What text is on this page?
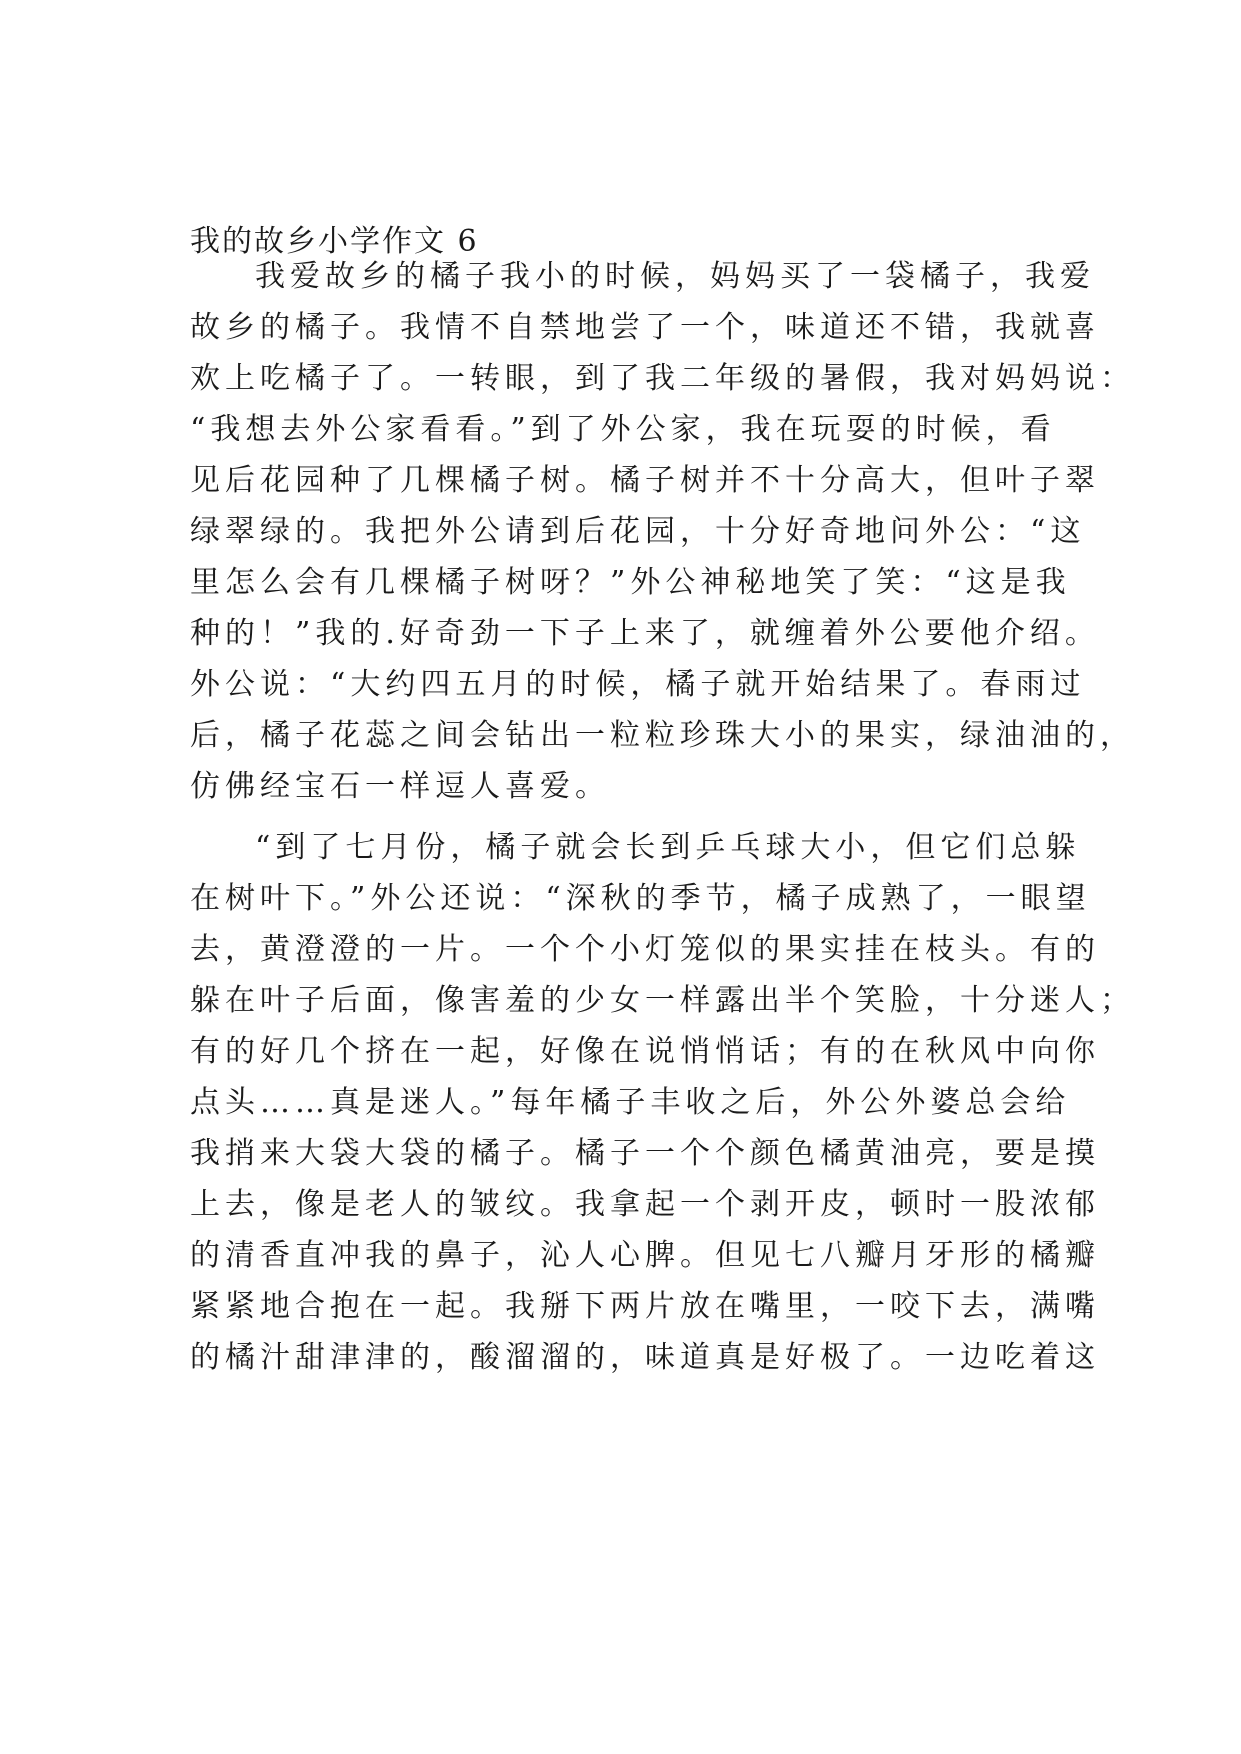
我的故乡小学作文 6
我爱故乡的橘子我小的时候，妈妈买了一袋橘子，我爱
故乡的橘子。我情不自禁地尝了一个，味道还不错，我就喜
欢上吃橘子了。一转眼，到了我二年级的暑假，我对妈妈说：
“我想去外公家看看。”到了外公家，我在玩耍的时候，看
见后花园种了几棵橘子树。橘子树并不十分高大，但叶子翠
绿翠绿的。我把外公请到后花园，十分好奇地问外公：“这
里怎么会有几棵橘子树呀？”外公神秘地笑了笑：“这是我
种的！”我的.好奇劲一下子上来了，就缠着外公要他介绍。
外公说：“大约四五月的时候，橘子就开始结果了。春雨过
后，橘子花蕊之间会钻出一粒粒珍珠大小的果实，绿油油的，
仿佛经宝石一样逗人喜爱。
“到了七月份，橘子就会长到乒乓球大小，但它们总躲
在树叶下。”外公还说：“深秋的季节，橘子成熟了，一眼望
去，黄澄澄的一片。一个个小灯笼似的果实挂在枝头。有的
躲在叶子后面，像害羞的少女一样露出半个笑脸，十分迷人；
有的好几个挤在一起，好像在说悄悄话；有的在秋风中向你
点头……真是迷人。”每年橘子丰收之后，外公外婆总会给
我捎来大袋大袋的橘子。橘子一个个颜色橘黄油亮，要是摸
上去，像是老人的皱纹。我拿起一个剥开皮，顿时一股浓郁
的清香直冲我的鼻子，沁人心脾。但见七八瓣月牙形的橘瓣
紧紧地合抱在一起。我掰下两片放在嘴里，一咬下去，满嘴
的橘汁甜津津的，酸溜溜的，味道真是好极了。一边吃着这
